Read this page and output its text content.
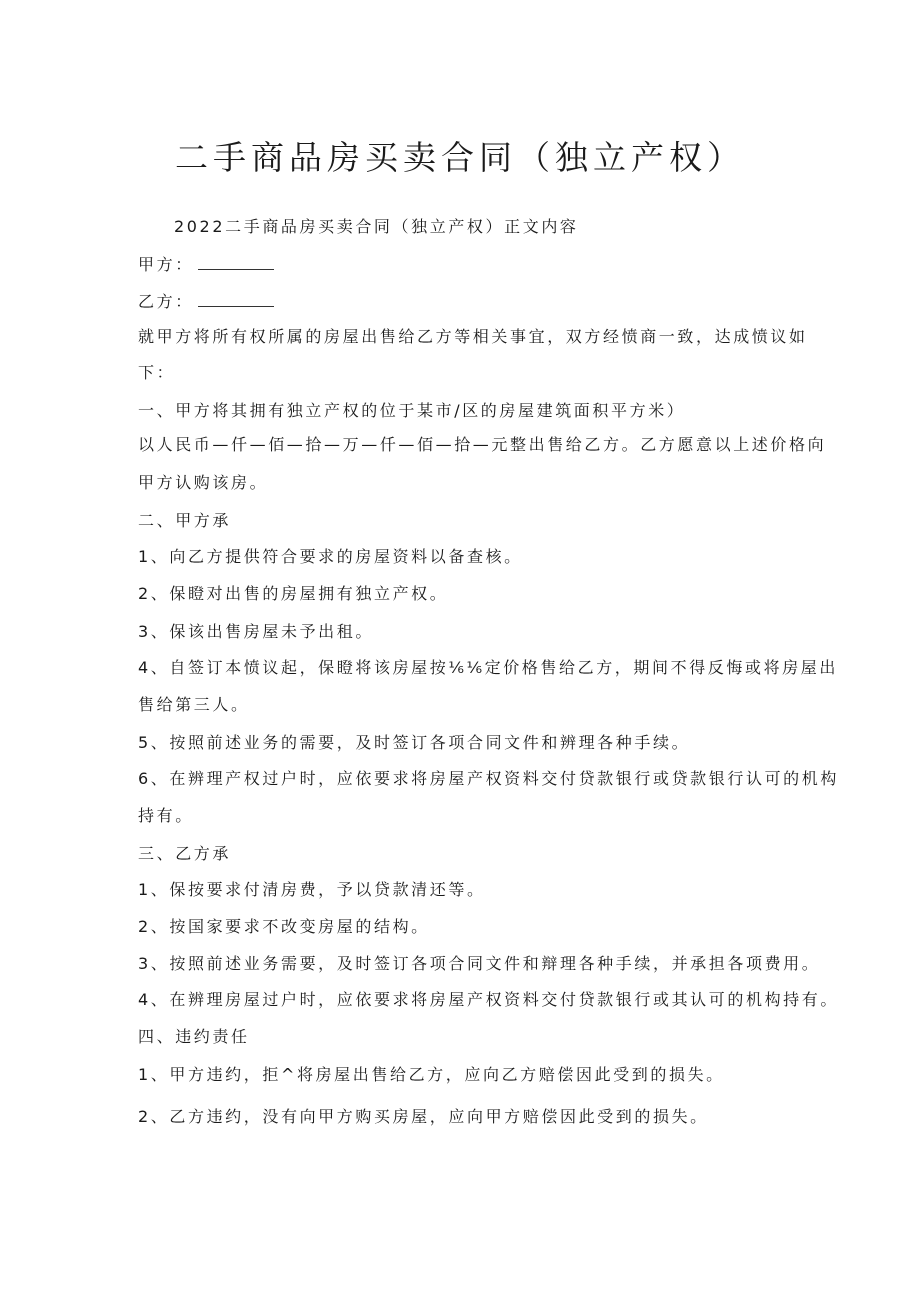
二手商品房买卖合同（独立产权）
2022二手商品房买卖合同（独立产权）正文内容
甲方：
乙方：
就甲方将所有权所属的房屋出售给乙方等相关事宜，双方经愤商一致，达成愤议如
下：
一、甲方将其拥有独立产权的位于某市/区的房屋建筑面积平方米）
以人民币—仟—佰—拾—万—仟—佰—拾—元整出售给乙方。乙方愿意以上述价格向
甲方认购该房。
二、甲方承
1、向乙方提供符合要求的房屋资料以备查核。
2、保瞪对出售的房屋拥有独立产权。
3、保该出售房屋未予出租。
4、自签订本愤议起，保瞪将该房屋按⅙⅙定价格售给乙方，期间不得反悔或将房屋出
售给第三人。
5、按照前述业务的需要，及时签订各项合同文件和辨理各种手续。
6、在辨理产权过户时，应依要求将房屋产权资料交付贷款银行或贷款银行认可的机构
持有。
三、乙方承
1、保按要求付清房费，予以贷款清还等。
2、按国家要求不改变房屋的结构。
3、按照前述业务需要，及时签订各项合同文件和辩理各种手续，并承担各项费用。
4、在辨理房屋过户时，应依要求将房屋产权资料交付贷款银行或其认可的机构持有。
四、违约责任
1、甲方违约，拒^将房屋出售给乙方，应向乙方赔偿因此受到的损失。
2、乙方违约，没有向甲方购买房屋，应向甲方赔偿因此受到的损失。
